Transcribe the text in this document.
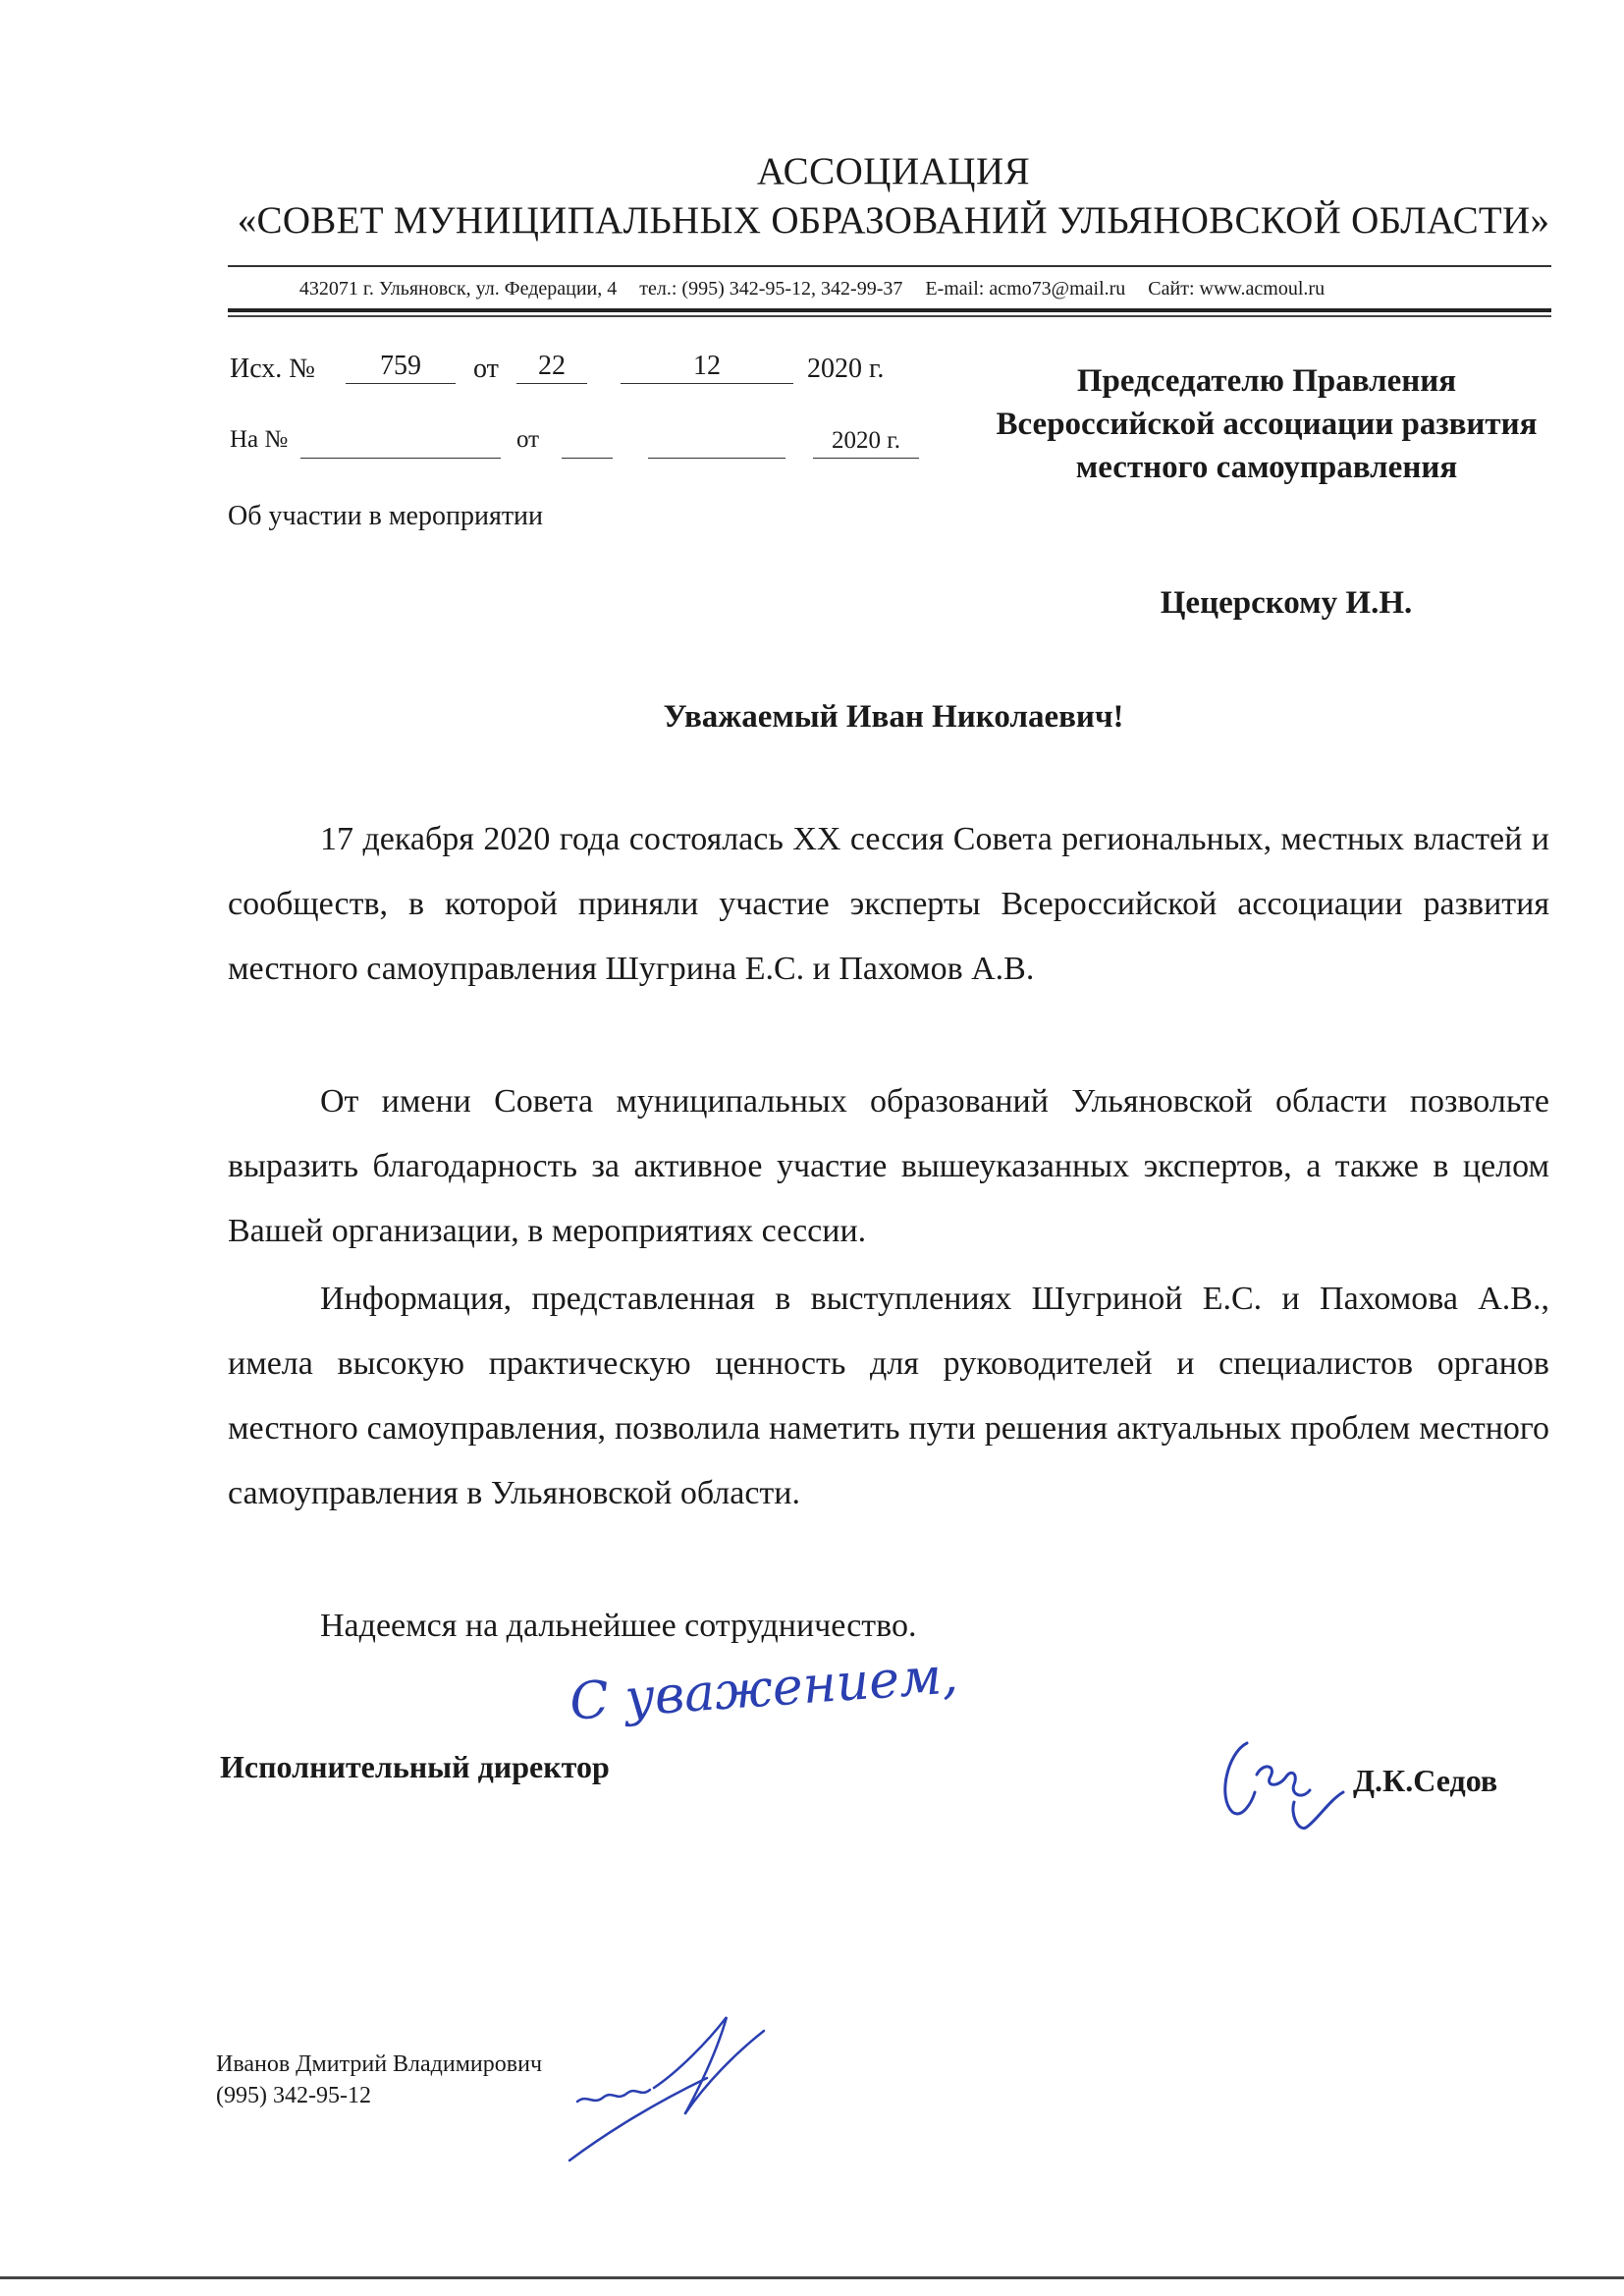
АССОЦИАЦИЯ
«СОВЕТ МУНИЦИПАЛЬНЫХ ОБРАЗОВАНИЙ УЛЬЯНОВСКОЙ ОБЛАСТИ»
432071 г. Ульяновск, ул. Федерации, 4 тел.: (995) 342-95-12, 342-99-37 E-mail: acmo73@mail.ru Сайт: www.acmoul.ru
Исх. №	759	от	22	12	2020 г.
На №	от	2020 г.
Об участии в мероприятии
Председателю Правления Всероссийской ассоциации развития местного самоуправления
Цецерскому И.Н.
Уважаемый Иван Николаевич!
17 декабря 2020 года состоялась XX сессия Совета региональных, местных властей и сообществ, в которой приняли участие эксперты Всероссийской ассоциации развития местного самоуправления Шугрина Е.С. и Пахомов А.В.
От имени Совета муниципальных образований Ульяновской области позвольте выразить благодарность за активное участие вышеуказанных экспертов, а также в целом Вашей организации, в мероприятиях сессии.
Информация, представленная в выступлениях Шугриной Е.С. и Пахомова А.В., имела высокую практическую ценность для руководителей и специалистов органов местного самоуправления, позволила наметить пути решения актуальных проблем местного самоуправления в Ульяновской области.
Надеемся на дальнейшее сотрудничество.
С уважением,
Исполнительный директор	Д.К.Седов
Иванов Дмитрий Владимирович
(995) 342-95-12
